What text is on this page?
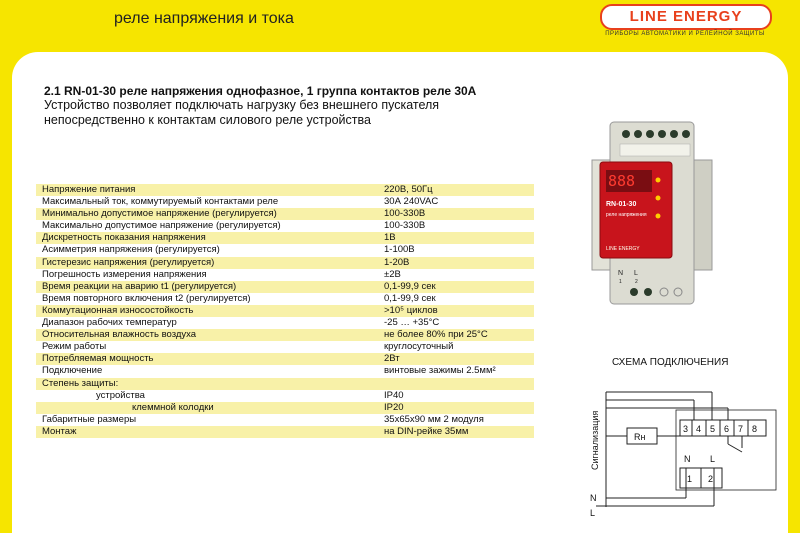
реле напряжения и тока	LINE ENERGY
ПРИБОРЫ АВТОМАТИКИ И РЕЛЕЙНОЙ ЗАЩИТЫ
2.1 RN-01-30 реле напряжения однофазное, 1 группа контактов реле 30А
Устройство позволяет подключать нагрузку без внешнего пускателя непосредственно к контактам силового реле устройства
Напряжение питания	220В, 50Гц
Максимальный ток, коммутируемый контактами реле	30А 240VAC
Минимально допустимое напряжение (регулируется)	100-330В
Максимально допустимое напряжение (регулируется)	100-330В
Дискретность показания напряжения	1В
Асимметрия напряжения (регулируется)	1-100В
Гистерезис напряжения (регулируется)	1-20В
Погрешность измерения напряжения	±2В
Время реакции на аварию t1 (регулируется)	0,1-99,9 сек
Время повторного включения t2 (регулируется)	0,1-99,9 сек
Коммутационная износостойкость	>10⁵ циклов
Диапазон рабочих температур	-25 … +35°С
Относительная влажность воздуха	не более 80% при 25°С
Режим работы	круглосуточный
Потребляемая мощность	2Вт
Подключение	винтовые зажимы 2.5мм²
Степень защиты:
устройства	IP40
клеммной колодки	IP20
Габаритные размеры	35х65х90 мм 2 модуля
Монтаж	на DIN-рейке 35мм
888
RN-01-30
реле напряжения
LINE ENERGY
N L
1	2
СХЕМА ПОДКЛЮЧЕНИЯ
Rн
3 4 5 6 7 8
N L
1 2
N
L
Сигнализация
